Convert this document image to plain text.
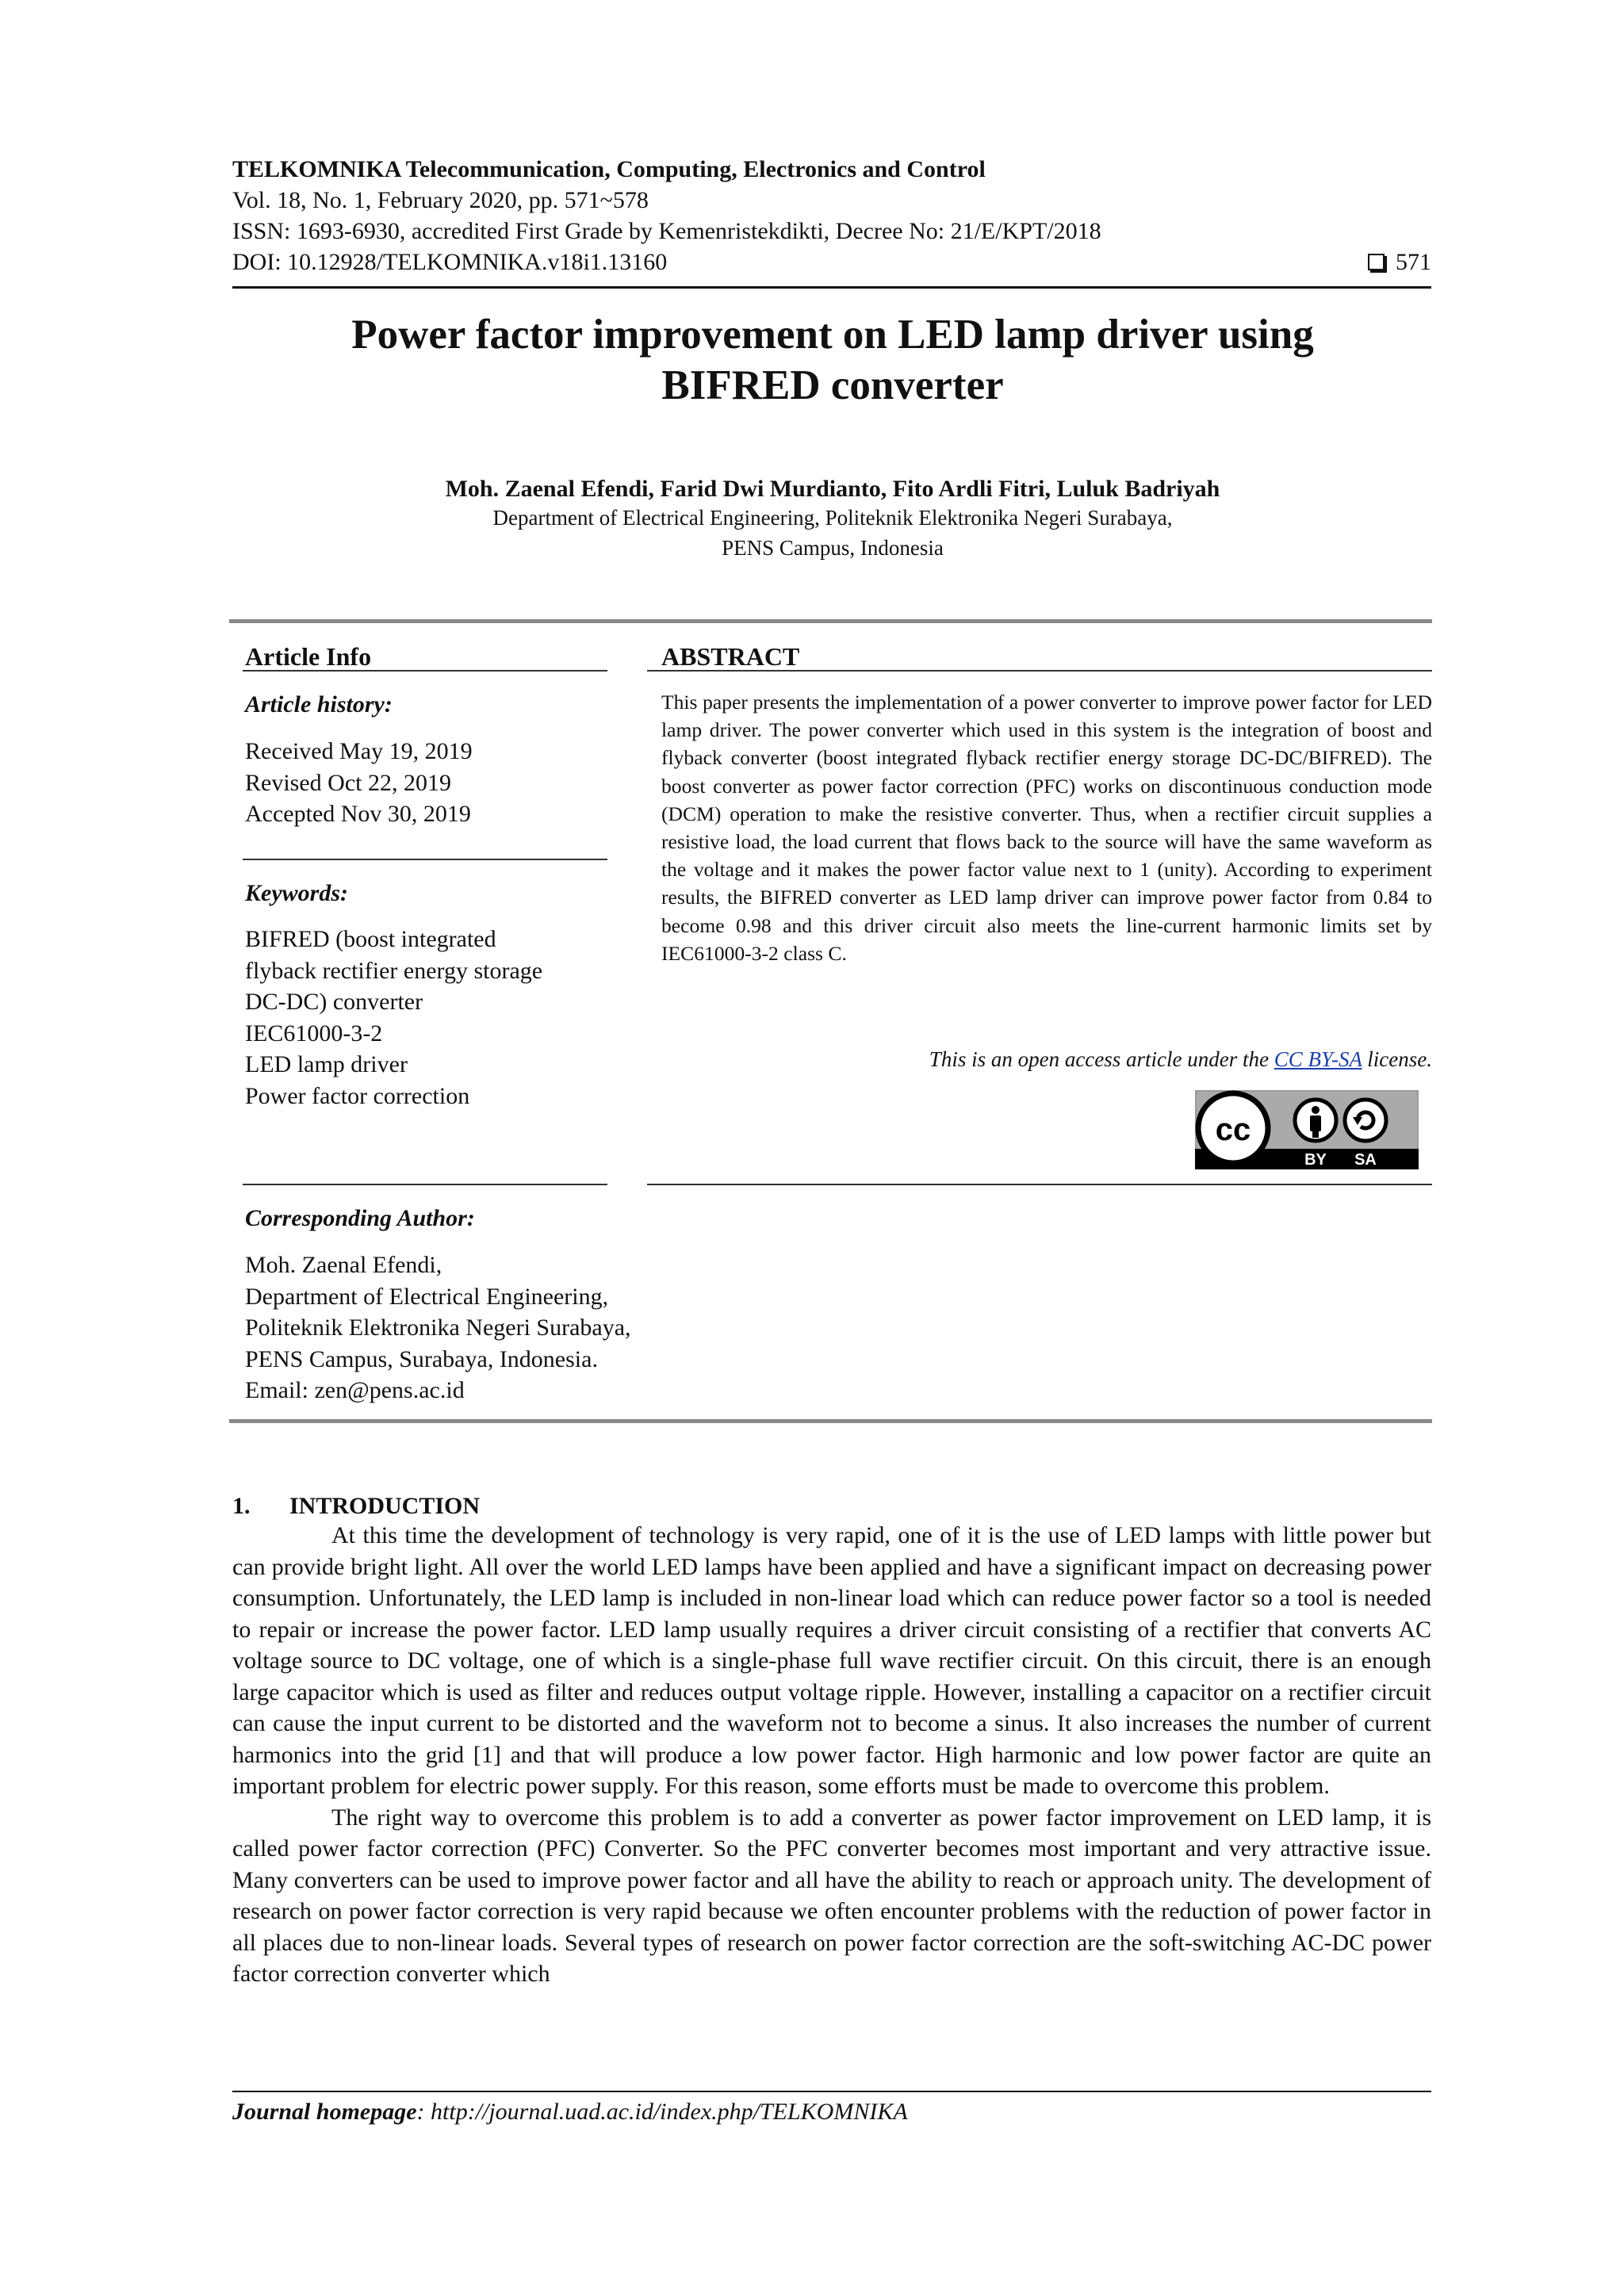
TELKOMNIKA Telecommunication, Computing, Electronics and Control
Vol. 18, No. 1, February 2020, pp. 571~578
ISSN: 1693-6930, accredited First Grade by Kemenristekdikti, Decree No: 21/E/KPT/2018
DOI: 10.12928/TELKOMNIKA.v18i1.13160	571
Power factor improvement on LED lamp driver using
BIFRED converter
Moh. Zaenal Efendi, Farid Dwi Murdianto, Fito Ardli Fitri, Luluk Badriyah
Department of Electrical Engineering, Politeknik Elektronika Negeri Surabaya,
PENS Campus, Indonesia
Article Info
Article history:
Received May 19, 2019
Revised Oct 22, 2019
Accepted Nov 30, 2019
Keywords:
BIFRED (boost integrated
flyback rectifier energy storage
DC-DC) converter
IEC61000-3-2
LED lamp driver
Power factor correction
Corresponding Author:
Moh. Zaenal Efendi,
Department of Electrical Engineering,
Politeknik Elektronika Negeri Surabaya,
PENS Campus, Surabaya, Indonesia.
Email: zen@pens.ac.id
ABSTRACT
This paper presents the implementation of a power converter to improve power factor for LED lamp driver. The power converter which used in this system is the integration of boost and flyback converter (boost integrated flyback rectifier energy storage DC-DC/BIFRED). The boost converter as power factor correction (PFC) works on discontinuous conduction mode (DCM) operation to make the resistive converter. Thus, when a rectifier circuit supplies a resistive load, the load current that flows back to the source will have the same waveform as the voltage and it makes the power factor value next to 1 (unity). According to experiment results, the BIFRED converter as LED lamp driver can improve power factor from 0.84 to become 0.98 and this driver circuit also meets the line-current harmonic limits set by IEC61000-3-2 class C.
This is an open access article under the CC BY-SA license.
cc
BY SA
1. INTRODUCTION

At this time the development of technology is very rapid, one of it is the use of LED lamps with little power but can provide bright light. All over the world LED lamps have been applied and have a significant impact on decreasing power consumption. Unfortunately, the LED lamp is included in non-linear load which can reduce power factor so a tool is needed to repair or increase the power factor. LED lamp usually requires a driver circuit consisting of a rectifier that converts AC voltage source to DC voltage, one of which is a single-phase full wave rectifier circuit. On this circuit, there is an enough large capacitor which is used as filter and reduces output voltage ripple. However, installing a capacitor on a rectifier circuit can cause the input current to be distorted and the waveform not to become a sinus. It also increases the number of current harmonics into the grid [1] and that will produce a low power factor. High harmonic and low power factor are quite an important problem for electric power supply. For this reason, some efforts must be made to overcome this problem.

The right way to overcome this problem is to add a converter as power factor improvement on LED lamp, it is called power factor correction (PFC) Converter. So the PFC converter becomes most important and very attractive issue. Many converters can be used to improve power factor and all have the ability to reach or approach unity. The development of research on power factor correction is very rapid because we often encounter problems with the reduction of power factor in all places due to non-linear loads. Several types of research on power factor correction are the soft-switching AC-DC power factor correction converter which

Journal homepage: http://journal.uad.ac.id/index.php/TELKOMNIKA
